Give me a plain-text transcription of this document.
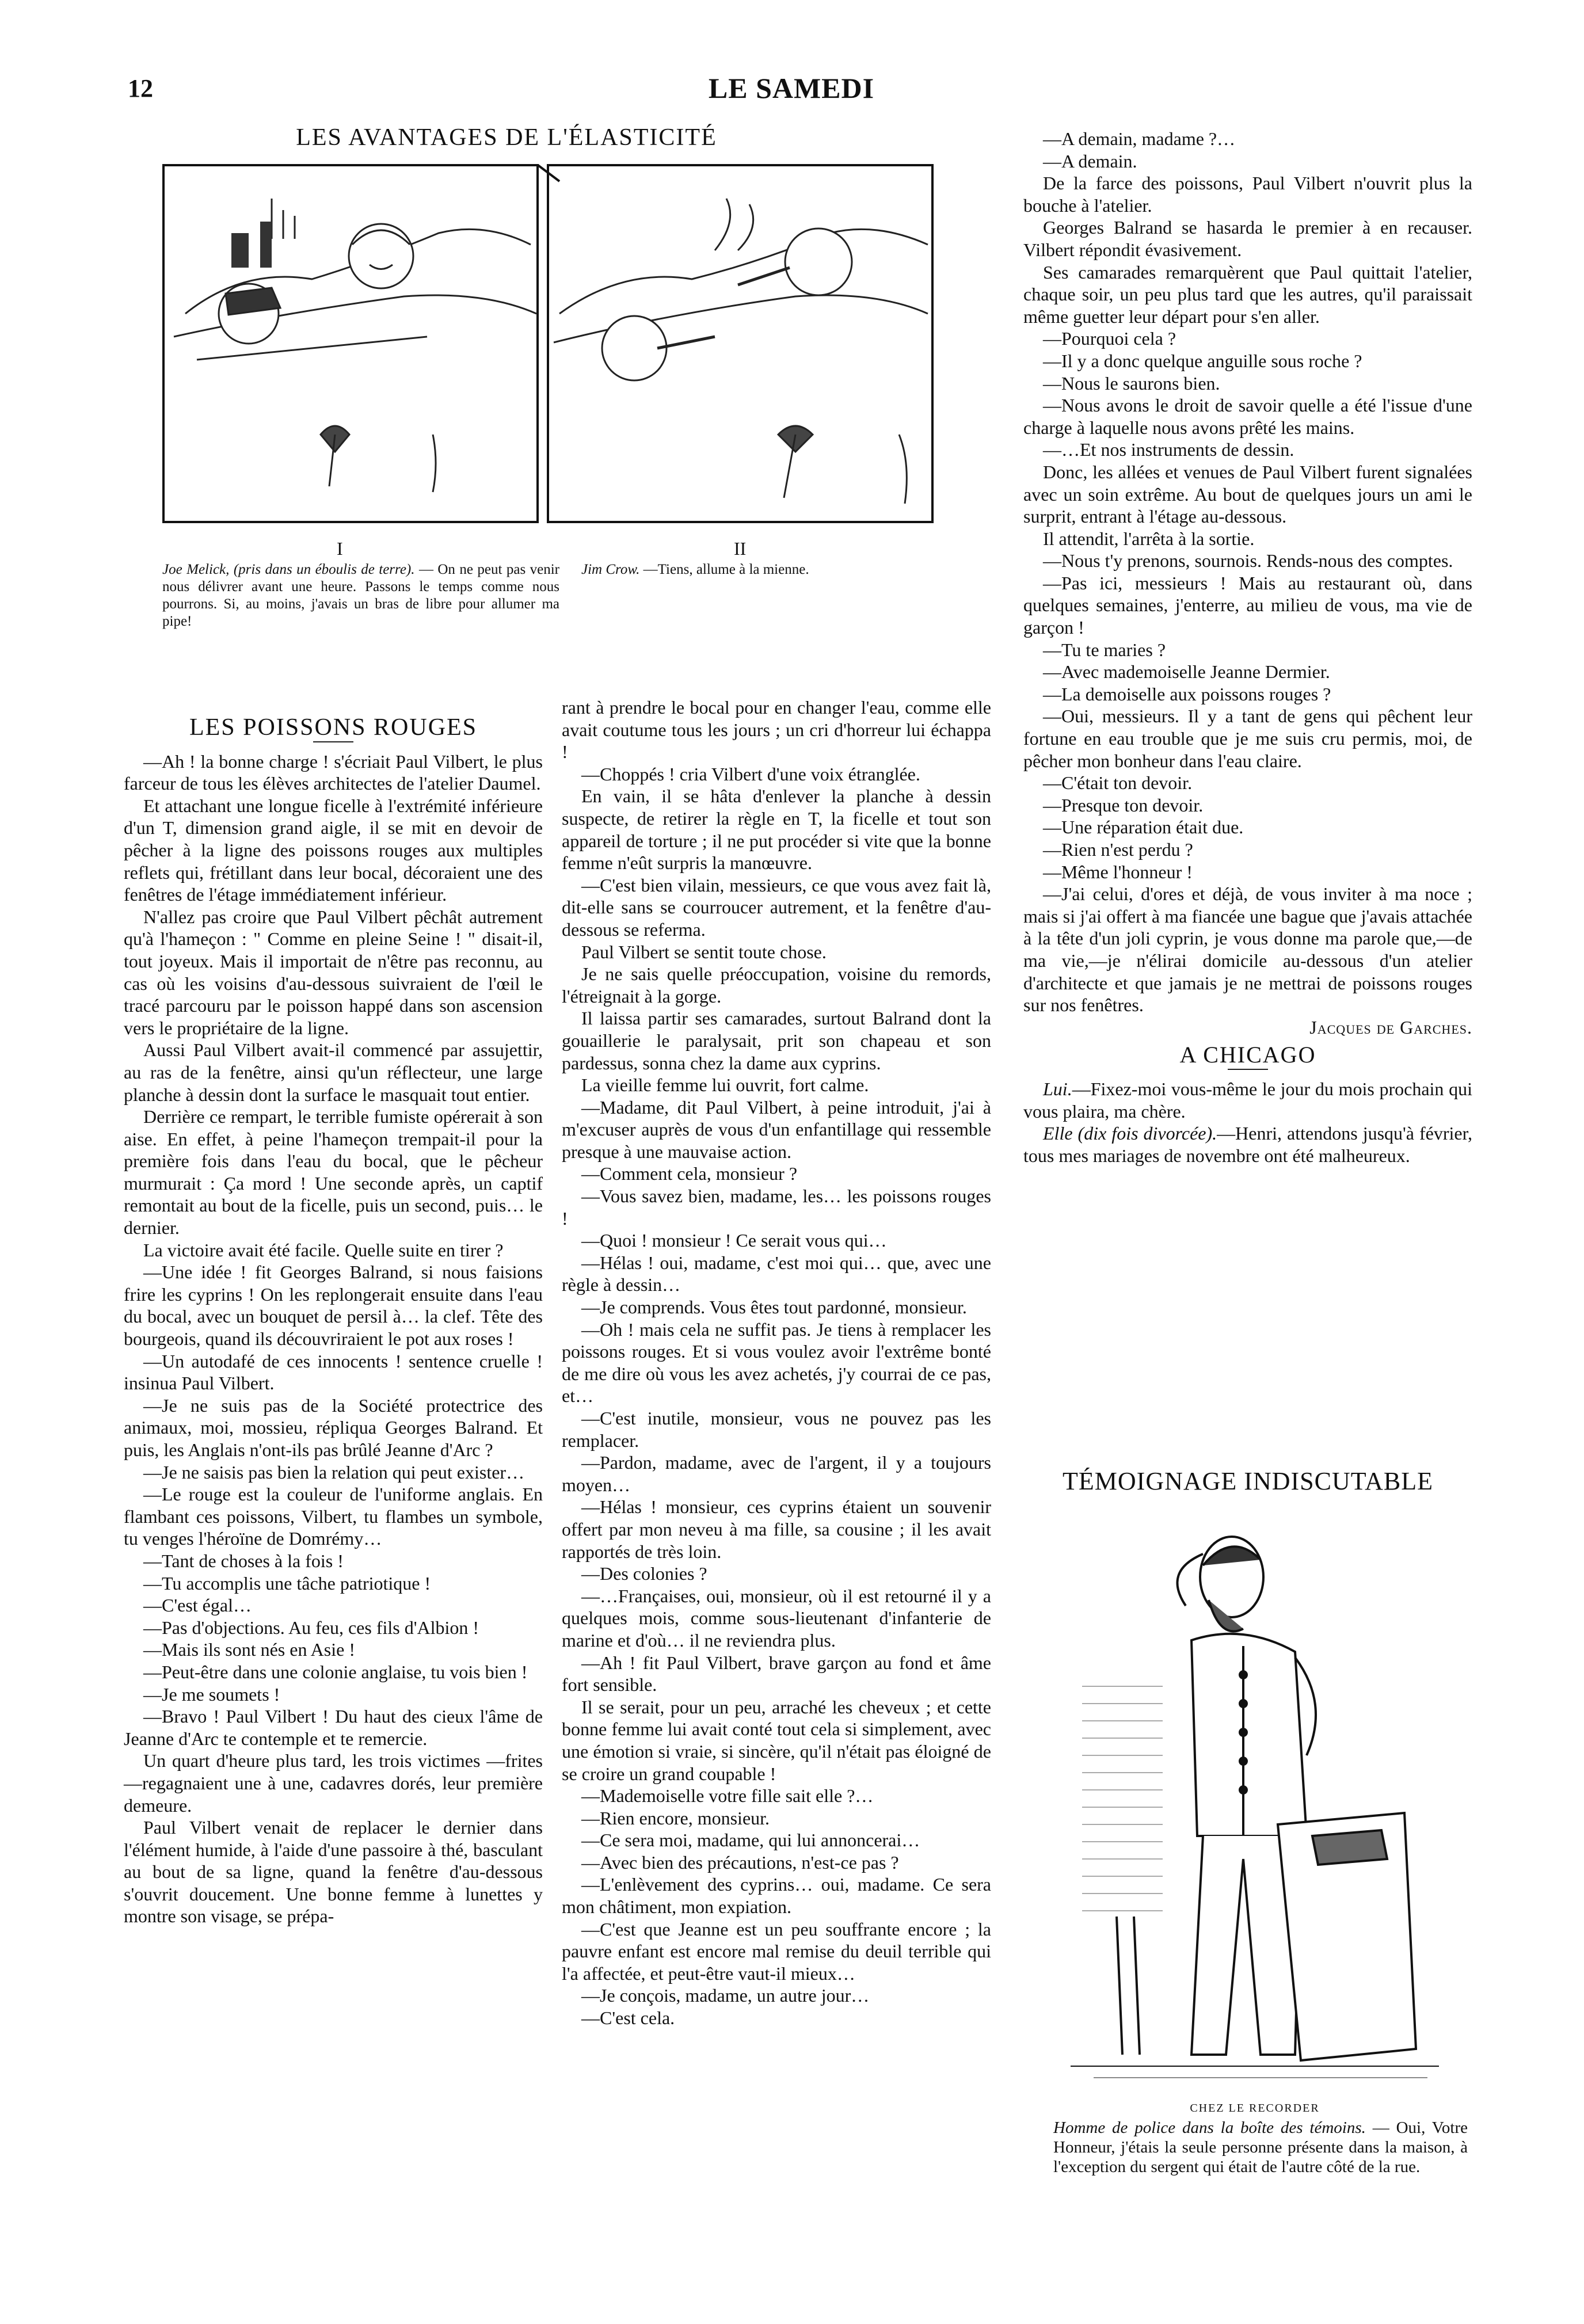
12	LE SAMEDI
LES AVANTAGES DE L'ÉLASTICITÉ
I	II
Joe Melick, (pris dans un éboulis de terre). — On ne peut pas venir nous délivrer avant une heure. Passons le temps comme nous pourrons. Si, au moins, j'avais un bras de libre pour allumer ma pipe!
Jim Crow. —Tiens, allume à la mienne.
LES POISSONS ROUGES

—Ah ! la bonne charge ! s'écriait Paul Vilbert, le plus farceur de tous les élèves architectes de l'atelier Daumel.

Et attachant une longue ficelle à l'extrémité inférieure d'un T, dimension grand aigle, il se mit en devoir de pêcher à la ligne des poissons rouges aux multiples reflets qui, frétillant dans leur bocal, décoraient une des fenêtres de l'étage immédiatement inférieur.

N'allez pas croire que Paul Vilbert pêchât autrement qu'à l'hameçon : " Comme en pleine Seine ! " disait-il, tout joyeux. Mais il importait de n'être pas reconnu, au cas où les voisins d'au-dessous suivraient de l'œil le tracé parcouru par le poisson happé dans son ascension vers le propriétaire de la ligne.

Aussi Paul Vilbert avait-il commencé par assujettir, au ras de la fenêtre, ainsi qu'un réflecteur, une large planche à dessin dont la surface le masquait tout entier.

Derrière ce rempart, le terrible fumiste opérerait à son aise. En effet, à peine l'hameçon trempait-il pour la première fois dans l'eau du bocal, que le pêcheur murmurait : Ça mord ! Une seconde après, un captif remontait au bout de la ficelle, puis un second, puis… le dernier.

La victoire avait été facile. Quelle suite en tirer ?

—Une idée ! fit Georges Balrand, si nous faisions frire les cyprins ! On les replongerait ensuite dans l'eau du bocal, avec un bouquet de persil à… la clef. Tête des bourgeois, quand ils découvriraient le pot aux roses !

—Un autodafé de ces innocents ! sentence cruelle ! insinua Paul Vilbert.

—Je ne suis pas de la Société protectrice des animaux, moi, mossieu, répliqua Georges Balrand. Et puis, les Anglais n'ont-ils pas brûlé Jeanne d'Arc ?

—Je ne saisis pas bien la relation qui peut exister…

—Le rouge est la couleur de l'uniforme anglais. En flambant ces poissons, Vilbert, tu flambes un symbole, tu venges l'héroïne de Domrémy…

—Tant de choses à la fois !

—Tu accomplis une tâche patriotique !

—C'est égal…

—Pas d'objections. Au feu, ces fils d'Albion !

—Mais ils sont nés en Asie !

—Peut-être dans une colonie anglaise, tu vois bien !

—Je me soumets !

—Bravo ! Paul Vilbert ! Du haut des cieux l'âme de Jeanne d'Arc te contemple et te remercie.

Un quart d'heure plus tard, les trois victimes —frites—regagnaient une à une, cadavres dorés, leur première demeure.

Paul Vilbert venait de replacer le dernier dans l'élément humide, à l'aide d'une passoire à thé, basculant au bout de sa ligne, quand la fenêtre d'au-dessous s'ouvrit doucement. Une bonne femme à lunettes y montre son visage, se prépa-

rant à prendre le bocal pour en changer l'eau, comme elle avait coutume tous les jours ; un cri d'horreur lui échappa !

—Choppés ! cria Vilbert d'une voix étranglée.

En vain, il se hâta d'enlever la planche à dessin suspecte, de retirer la règle en T, la ficelle et tout son appareil de torture ; il ne put procéder si vite que la bonne femme n'eût surpris la manœuvre.

—C'est bien vilain, messieurs, ce que vous avez fait là, dit-elle sans se courroucer autrement, et la fenêtre d'au-dessous se referma.

Paul Vilbert se sentit toute chose.

Je ne sais quelle préoccupation, voisine du remords, l'étreignait à la gorge.

Il laissa partir ses camarades, surtout Balrand dont la gouaillerie le paralysait, prit son chapeau et son pardessus, sonna chez la dame aux cyprins.

La vieille femme lui ouvrit, fort calme.

—Madame, dit Paul Vilbert, à peine introduit, j'ai à m'excuser auprès de vous d'un enfantillage qui ressemble presque à une mauvaise action.

—Comment cela, monsieur ?

—Vous savez bien, madame, les… les poissons rouges !

—Quoi ! monsieur ! Ce serait vous qui…

—Hélas ! oui, madame, c'est moi qui… que, avec une règle à dessin…

—Je comprends. Vous êtes tout pardonné, monsieur.

—Oh ! mais cela ne suffit pas. Je tiens à remplacer les poissons rouges. Et si vous voulez avoir l'extrême bonté de me dire où vous les avez achetés, j'y courrai de ce pas, et…

—C'est inutile, monsieur, vous ne pouvez pas les remplacer.

—Pardon, madame, avec de l'argent, il y a toujours moyen…

—Hélas ! monsieur, ces cyprins étaient un souvenir offert par mon neveu à ma fille, sa cousine ; il les avait rapportés de très loin.

—Des colonies ?

—…Françaises, oui, monsieur, où il est retourné il y a quelques mois, comme sous-lieutenant d'infanterie de marine et d'où… il ne reviendra plus.

—Ah ! fit Paul Vilbert, brave garçon au fond et âme fort sensible.

Il se serait, pour un peu, arraché les cheveux ; et cette bonne femme lui avait conté tout cela si simplement, avec une émotion si vraie, si sincère, qu'il n'était pas éloigné de se croire un grand coupable !

—Mademoiselle votre fille sait elle ?…

—Rien encore, monsieur.

—Ce sera moi, madame, qui lui annoncerai…

—Avec bien des précautions, n'est-ce pas ?

—L'enlèvement des cyprins… oui, madame. Ce sera mon châtiment, mon expiation.

—C'est que Jeanne est un peu souffrante encore ; la pauvre enfant est encore mal remise du deuil terrible qui l'a affectée, et peut-être vaut-il mieux…

—Je conçois, madame, un autre jour…

—C'est cela.

—A demain, madame ?…

—A demain.

De la farce des poissons, Paul Vilbert n'ouvrit plus la bouche à l'atelier.

Georges Balrand se hasarda le premier à en recauser. Vilbert répondit évasivement.

Ses camarades remarquèrent que Paul quittait l'atelier, chaque soir, un peu plus tard que les autres, qu'il paraissait même guetter leur départ pour s'en aller.

—Pourquoi cela ?

—Il y a donc quelque anguille sous roche ?

—Nous le saurons bien.

—Nous avons le droit de savoir quelle a été l'issue d'une charge à laquelle nous avons prêté les mains.

—…Et nos instruments de dessin.

Donc, les allées et venues de Paul Vilbert furent signalées avec un soin extrême. Au bout de quelques jours un ami le surprit, entrant à l'étage au-dessous.

Il attendit, l'arrêta à la sortie.

—Nous t'y prenons, sournois. Rends-nous des comptes.

—Pas ici, messieurs ! Mais au restaurant où, dans quelques semaines, j'enterre, au milieu de vous, ma vie de garçon !

—Tu te maries ?

—Avec mademoiselle Jeanne Dermier.

—La demoiselle aux poissons rouges ?

—Oui, messieurs. Il y a tant de gens qui pêchent leur fortune en eau trouble que je me suis cru permis, moi, de pêcher mon bonheur dans l'eau claire.

—C'était ton devoir.

—Presque ton devoir.

—Une réparation était due.

—Rien n'est perdu ?

—Même l'honneur !

—J'ai celui, d'ores et déjà, de vous inviter à ma noce ; mais si j'ai offert à ma fiancée une bague que j'avais attachée à la tête d'un joli cyprin, je vous donne ma parole que,—de ma vie,—je n'élirai domicile au-dessous d'un atelier d'architecte et que jamais je ne mettrai de poissons rouges sur nos fenêtres.

Jacques de Garches.

A CHICAGO

Lui.—Fixez-moi vous-même le jour du mois prochain qui vous plaira, ma chère.

Elle (dix fois divorcée).—Henri, attendons jusqu'à février, tous mes mariages de novembre ont été malheureux.

TÉMOIGNAGE INDISCUTABLE
CHEZ LE RECORDER
Homme de police dans la boîte des témoins. — Oui, Votre Honneur, j'étais la seule personne présente dans la maison, à l'exception du sergent qui était de l'autre côté de la rue.
